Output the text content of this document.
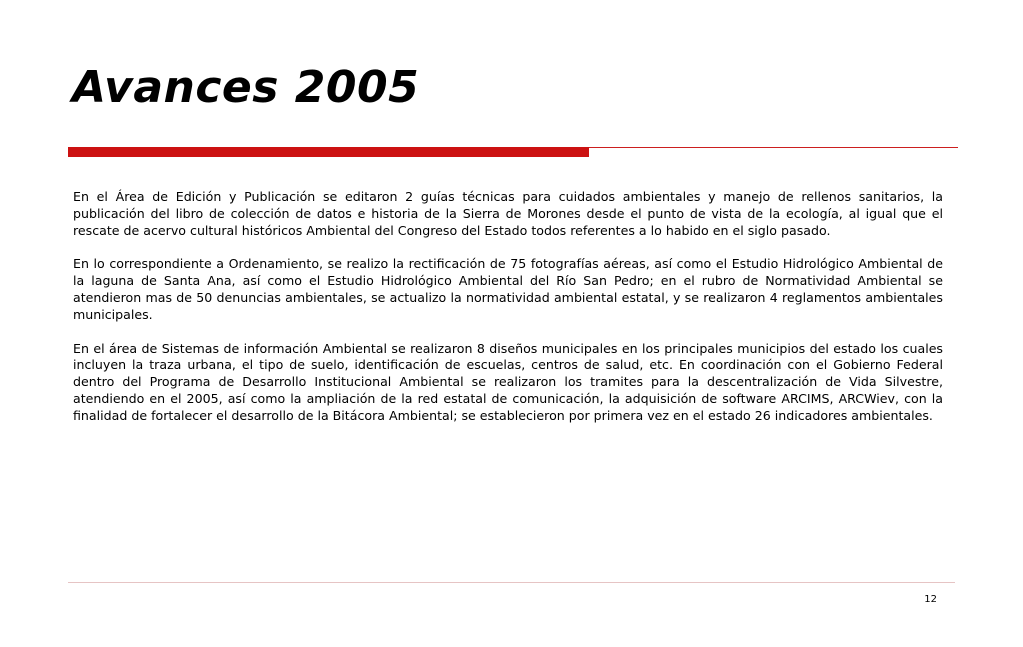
Avances 2005

En el Área de Edición y Publicación se editaron 2 guías técnicas para cuidados ambientales y manejo de rellenos sanitarios, la publicación del libro de colección de datos e historia de la Sierra de Morones desde el punto de vista de la ecología, al igual que el rescate de acervo cultural históricos Ambiental del Congreso del Estado todos referentes a lo habido en el siglo pasado.

En lo correspondiente a Ordenamiento, se realizo la rectificación de 75 fotografías aéreas, así como el Estudio Hidrológico Ambiental de la laguna de Santa Ana, así como el Estudio Hidrológico Ambiental del Río San Pedro; en el rubro de Normatividad Ambiental se atendieron mas de 50 denuncias ambientales, se actualizo la normatividad ambiental estatal, y se realizaron 4 reglamentos ambientales municipales.

En el área de Sistemas de información Ambiental se realizaron 8 diseños municipales en los principales municipios del estado los cuales incluyen la traza urbana, el tipo de suelo, identificación de escuelas, centros de salud, etc. En coordinación con el Gobierno Federal dentro del Programa de Desarrollo Institucional Ambiental se realizaron los tramites para la descentralización de Vida Silvestre, atendiendo en el 2005, así como la ampliación de la red estatal de comunicación, la adquisición de software ARCIMS, ARCWiev, con la finalidad de fortalecer el desarrollo de la Bitácora Ambiental; se establecieron por primera vez en el estado 26 indicadores ambientales.

12
